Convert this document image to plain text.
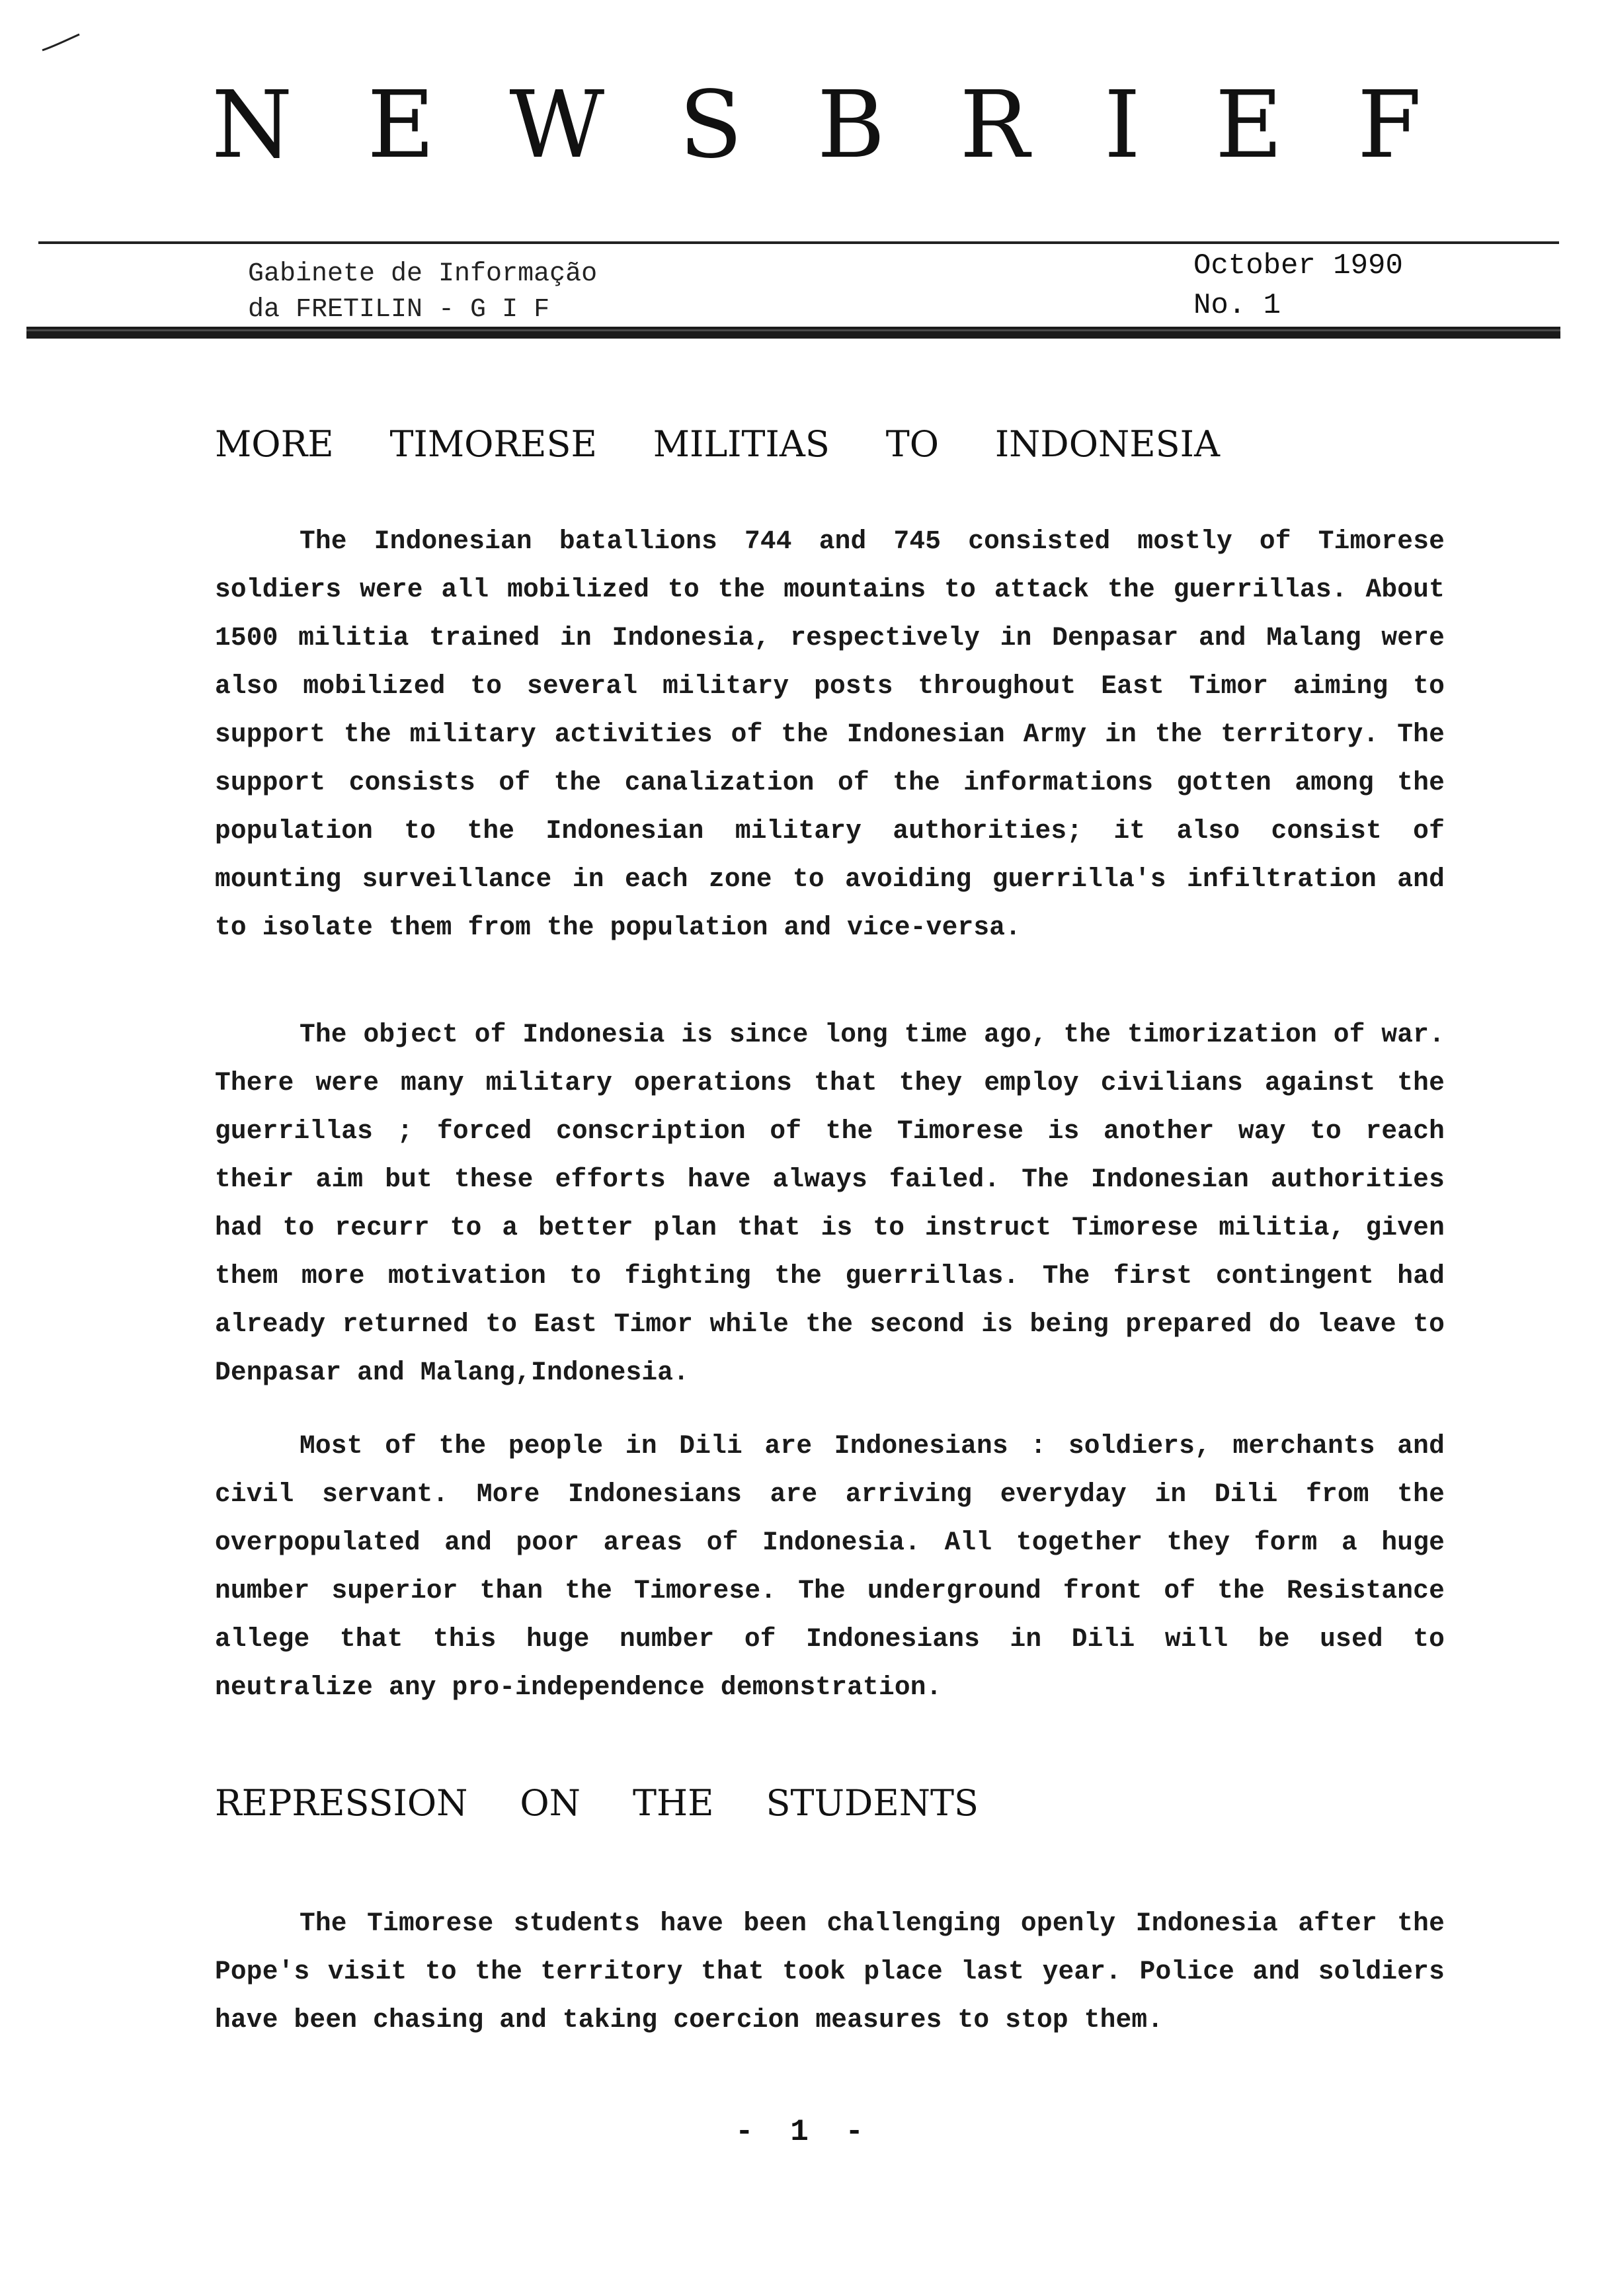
N E W S B R I E F
Gabinete de Informação
da FRETILIN - G I F
October 1990
No. 1
MORE TIMORESE MILITIAS TO INDONESIA

The Indonesian batallions 744 and 745 consisted mostly of Timorese soldiers were all mobilized to the mountains to attack the guerrillas. About 1500 militia trained in Indonesia, respectively in Denpasar and Malang were also mobilized to several military posts throughout East Timor aiming to support the military activities of the Indonesian Army in the territory. The support consists of the canalization of the informations gotten among the population to the Indonesian military authorities; it also consist of mounting surveillance in each zone to avoiding guerrilla's infiltration and to isolate them from the population and vice-versa.

The object of Indonesia is since long time ago, the timorization of war. There were many military operations that they employ civilians against the guerrillas ; forced conscription of the Timorese is another way to reach their aim but these efforts have always failed. The Indonesian authorities had to recurr to a better plan that is to instruct Timorese militia, given them more motivation to fighting the guerrillas. The first contingent had already returned to East Timor while the second is being prepared do leave to Denpasar and Malang,Indonesia.

Most of the people in Dili are Indonesians : soldiers, merchants and civil servant. More Indonesians are arriving everyday in Dili from the overpopulated and poor areas of Indonesia. All together they form a huge number superior than the Timorese. The underground front of the Resistance allege that this huge number of Indonesians in Dili will be used to neutralize any pro-independence demonstration.

REPRESSION ON THE STUDENTS

The Timorese students have been challenging openly Indonesia after the Pope's visit to the territory that took place last year. Police and soldiers have been chasing and taking coercion measures to stop them.

- 1 -
